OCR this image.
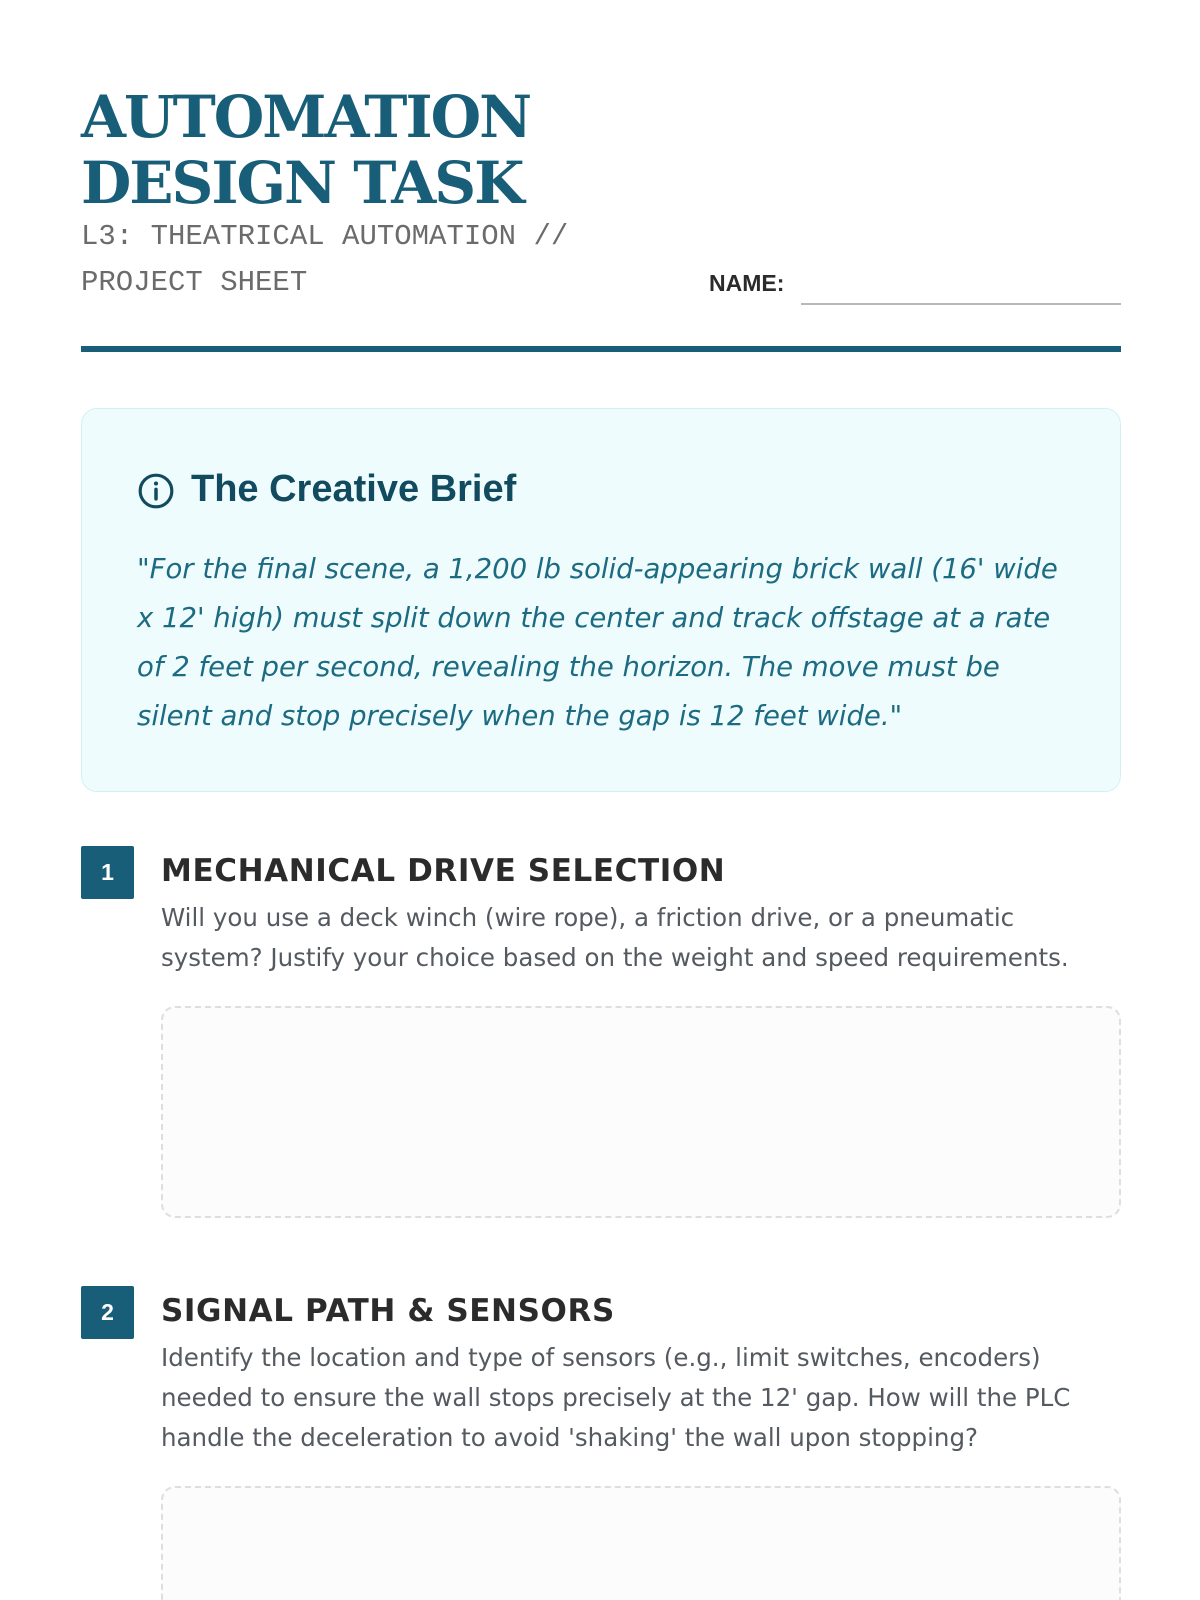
AUTOMATION
DESIGN TASK
L3: THEATRICAL AUTOMATION //
PROJECT SHEET	NAME:
The Creative Brief

"For the final scene, a 1,200 lb solid-appearing brick wall (16' wide x 12' high) must split down the center and track offstage at a rate of 2 feet per second, revealing the horizon. The move must be silent and stop precisely when the gap is 12 feet wide."

1	MECHANICAL DRIVE SELECTION

Will you use a deck winch (wire rope), a friction drive, or a pneumatic system? Justify your choice based on the weight and speed requirements.

2	SIGNAL PATH & SENSORS

Identify the location and type of sensors (e.g., limit switches, encoders) needed to ensure the wall stops precisely at the 12' gap. How will the PLC handle the deceleration to avoid 'shaking' the wall upon stopping?
